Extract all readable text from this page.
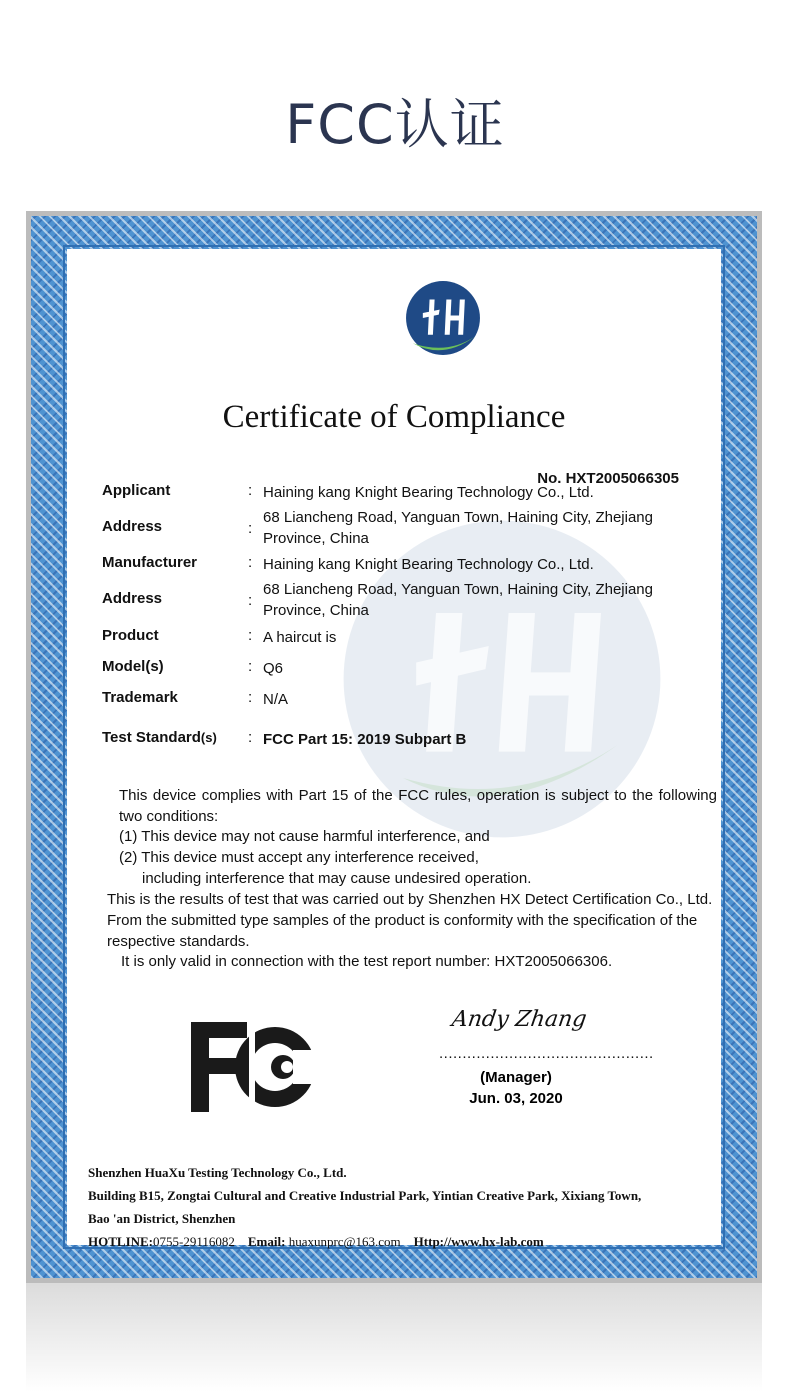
FCC认证
Certificate of Compliance
No. HXT2005066305
Applicant	: Haining kang Knight Bearing Technology Co., Ltd.
Address	:
68 Liancheng Road, Yanguan Town, Haining City, Zhejiang Province, China
Manufacturer	: Haining kang Knight Bearing Technology Co., Ltd.
Address	:
68 Liancheng Road, Yanguan Town, Haining City, Zhejiang Province, China
Product	: A haircut is
Model(s)	: Q6
Trademark	: N/A
Test Standard(s) : FCC Part 15: 2019 Subpart B
This device complies with Part 15 of the FCC rules, operation is subject to the following two conditions:
(1) This device may not cause harmful interference, and
(2) This device must accept any interference received,
including interference that may cause undesired operation.
This is the results of test that was carried out by Shenzhen HX Detect Certification Co., Ltd. From the submitted type samples of the product is conformity with the specification of the respective standards.
It is only valid in connection with the test report number: HXT2005066306.
Andy Zhang
..............................................
(Manager)
Jun. 03, 2020
Shenzhen HuaXu Testing Technology Co., Ltd.
Building B15, Zongtai Cultural and Creative Industrial Park, Yintian Creative Park, Xixiang Town,
Bao 'an District, Shenzhen
HOTLINE:0755-29116082 Email: huaxunprc@163.com Http://www.hx-lab.com
